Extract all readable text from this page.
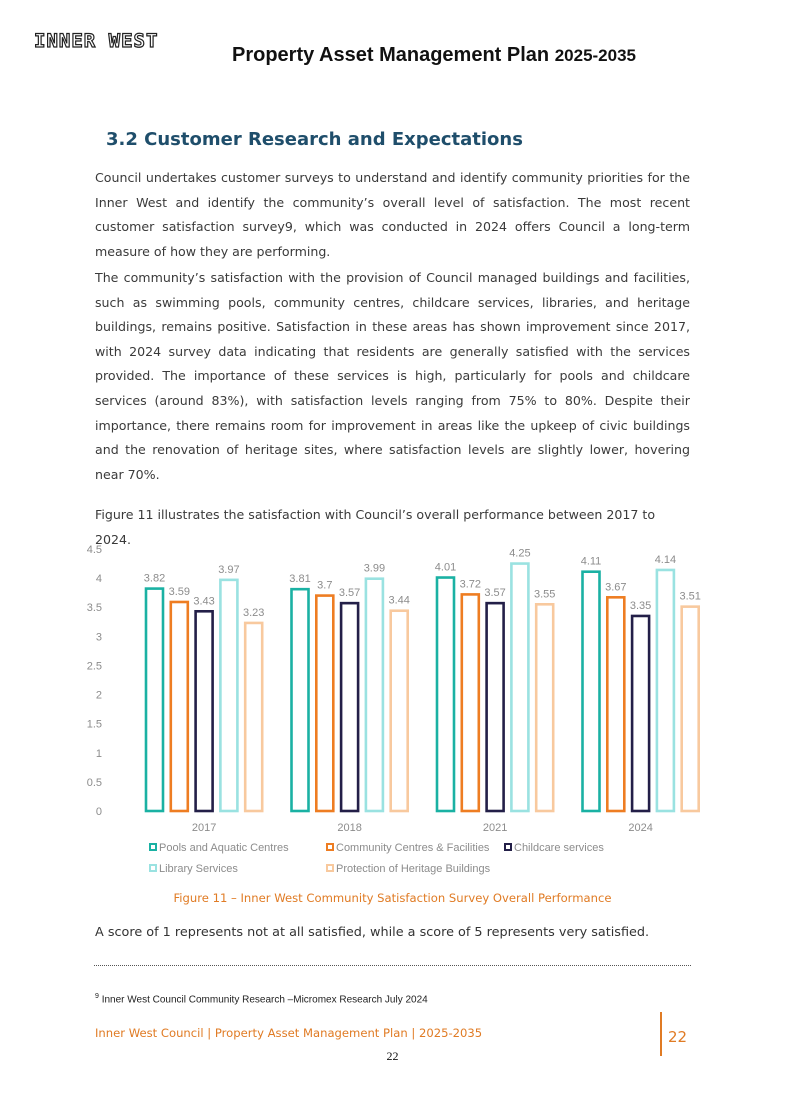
INNER WEST
Property Asset Management Plan 2025-2035
3.2 Customer Research and Expectations

Council undertakes customer surveys to understand and identify community priorities for the Inner West and identify the community’s overall level of satisfaction. The most recent customer satisfaction survey9, which was conducted in 2024 offers Council a long-term measure of how they are performing.

The community’s satisfaction with the provision of Council managed buildings and facilities, such as swimming pools, community centres, childcare services, libraries, and heritage buildings, remains positive. Satisfaction in these areas has shown improvement since 2017, with 2024 survey data indicating that residents are generally satisfied with the services provided. The importance of these services is high, particularly for pools and childcare services (around 83%), with satisfaction levels ranging from 75% to 80%. Despite their importance, there remains room for improvement in areas like the upkeep of civic buildings and the renovation of heritage sites, where satisfaction levels are slightly lower, hovering near 70%.

Figure 11 illustrates the satisfaction with Council’s overall performance between 2017 to 2024.

0
0.5
1
1.5
2
2.5
3
3.5
4
4.5
3.82
3.59
3.43
3.97
3.23
2017
3.81
3.7
3.57
3.99
3.44
2018
4.01
3.72
3.57
4.25
3.55
2021
4.11
3.67
3.35
4.14
3.51
2024
Pools and Aquatic Centres	Community Centres & Facilities Childcare services
Library Services	Protection of Heritage Buildings
Figure 11 – Inner West Community Satisfaction Survey Overall Performance
A score of 1 represents not at all satisfied, while a score of 5 represents very satisfied.
$^9$ Inner West Council Community Research –Micromex Research July 2024
Inner West Council | Property Asset Management Plan | 2025-2035	22
22
